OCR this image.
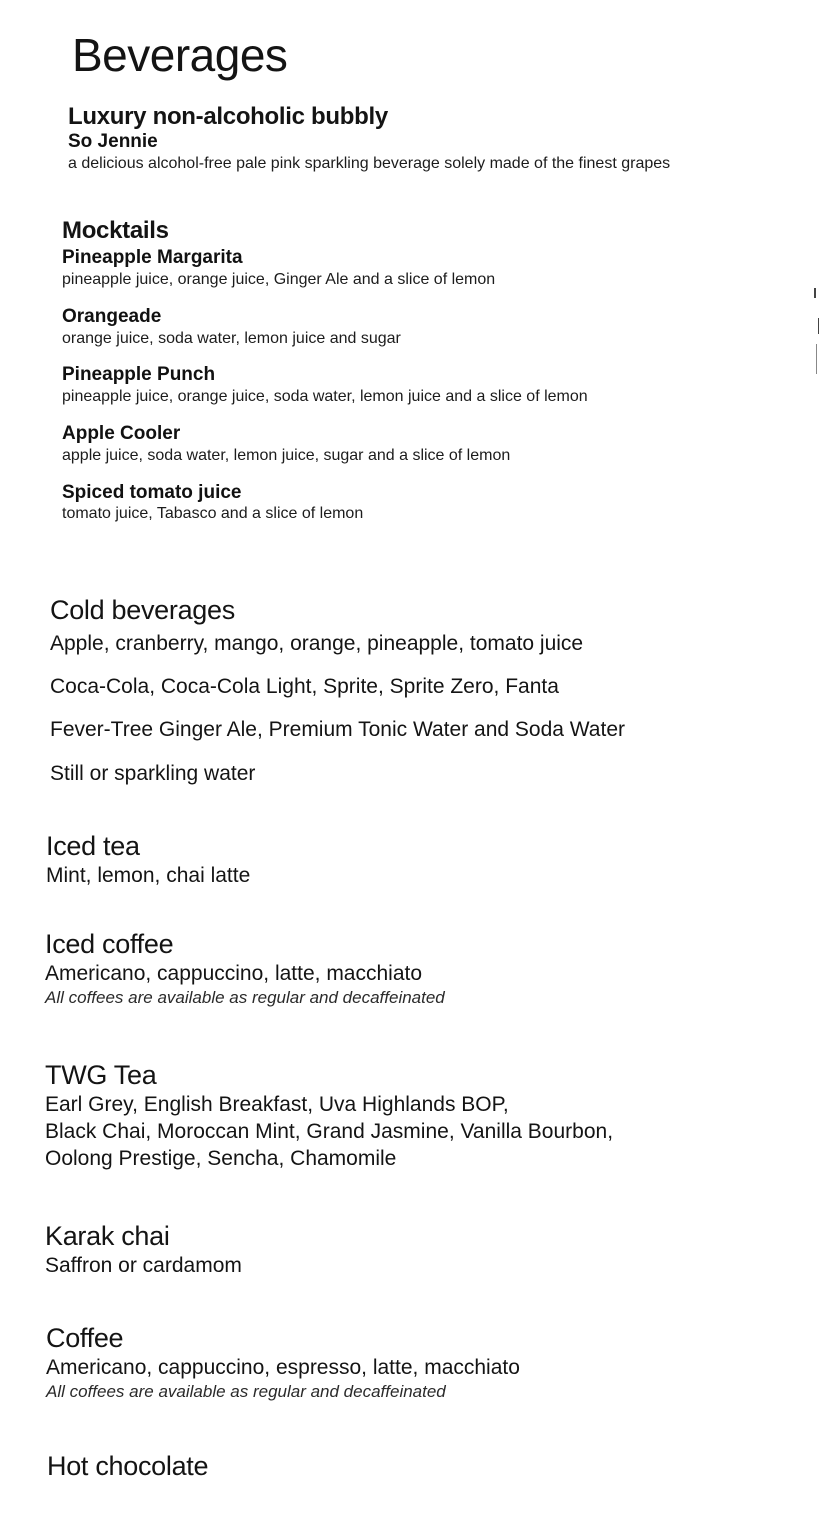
Beverages
Luxury non-alcoholic bubbly

So Jennie

a delicious alcohol-free pale pink sparkling beverage solely made of the finest grapes

Mocktails

Pineapple Margarita

pineapple juice, orange juice, Ginger Ale and a slice of lemon

Orangeade

orange juice, soda water, lemon juice and sugar

Pineapple Punch

pineapple juice, orange juice, soda water, lemon juice and a slice of lemon

Apple Cooler

apple juice, soda water, lemon juice, sugar and a slice of lemon

Spiced tomato juice

tomato juice, Tabasco and a slice of lemon

Cold beverages

Apple, cranberry, mango, orange, pineapple, tomato juice

Coca-Cola, Coca-Cola Light, Sprite, Sprite Zero, Fanta

Fever-Tree Ginger Ale, Premium Tonic Water and Soda Water

Still or sparkling water

Iced tea

Mint, lemon, chai latte

Iced coffee

Americano, cappuccino, latte, macchiato

All coffees are available as regular and decaffeinated

TWG Tea

Earl Grey, English Breakfast, Uva Highlands BOP,

Black Chai, Moroccan Mint, Grand Jasmine, Vanilla Bourbon,

Oolong Prestige, Sencha, Chamomile

Karak chai

Saffron or cardamom

Coffee

Americano, cappuccino, espresso, latte, macchiato

All coffees are available as regular and decaffeinated

Hot chocolate
